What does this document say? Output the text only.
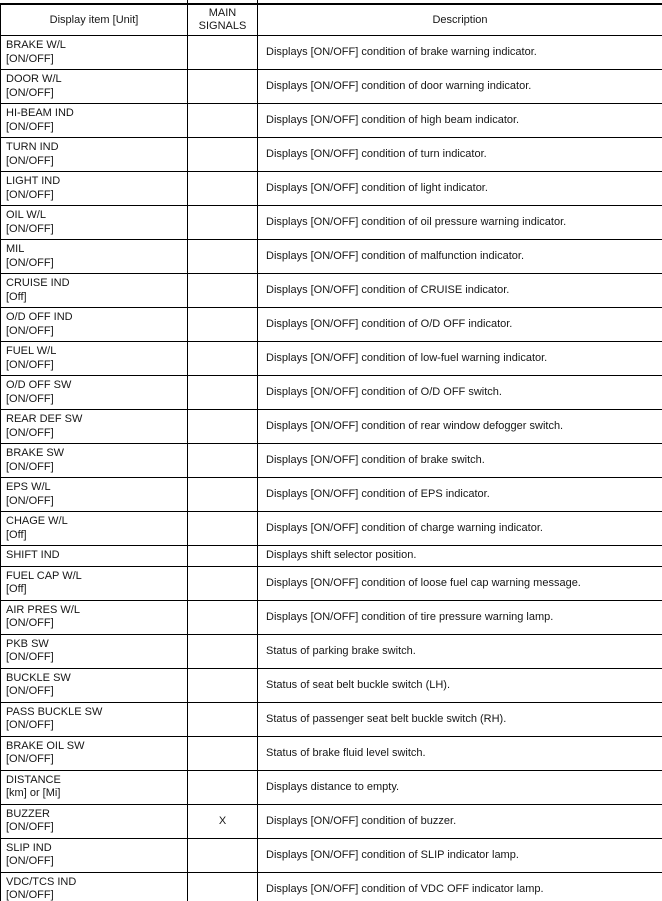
Display item [Unit]	MAIN SIGNALS	Description
BRAKE W/L
[ON/OFF]		Displays [ON/OFF] condition of brake warning indicator.
DOOR W/L
[ON/OFF]		Displays [ON/OFF] condition of door warning indicator.
HI-BEAM IND
[ON/OFF]		Displays [ON/OFF] condition of high beam indicator.
TURN IND
[ON/OFF]		Displays [ON/OFF] condition of turn indicator.
LIGHT IND
[ON/OFF]		Displays [ON/OFF] condition of light indicator.
OIL W/L
[ON/OFF]		Displays [ON/OFF] condition of oil pressure warning indicator.
MIL
[ON/OFF]		Displays [ON/OFF] condition of malfunction indicator.
CRUISE IND
[Off]		Displays [ON/OFF] condition of CRUISE indicator.
O/D OFF IND
[ON/OFF]		Displays [ON/OFF] condition of O/D OFF indicator.
FUEL W/L
[ON/OFF]		Displays [ON/OFF] condition of low-fuel warning indicator.
O/D OFF SW
[ON/OFF]		Displays [ON/OFF] condition of O/D OFF switch.
REAR DEF SW
[ON/OFF]		Displays [ON/OFF] condition of rear window defogger switch.
BRAKE SW
[ON/OFF]		Displays [ON/OFF] condition of brake switch.
EPS W/L
[ON/OFF]		Displays [ON/OFF] condition of EPS indicator.
CHAGE W/L
[Off]		Displays [ON/OFF] condition of charge warning indicator.
SHIFT IND		Displays shift selector position.
FUEL CAP W/L
[Off]		Displays [ON/OFF] condition of loose fuel cap warning message.
AIR PRES W/L
[ON/OFF]		Displays [ON/OFF] condition of tire pressure warning lamp.
PKB SW
[ON/OFF]		Status of parking brake switch.
BUCKLE SW
[ON/OFF]		Status of seat belt buckle switch (LH).
PASS BUCKLE SW
[ON/OFF]		Status of passenger seat belt buckle switch (RH).
BRAKE OIL SW
[ON/OFF]		Status of brake fluid level switch.
DISTANCE
[km] or [Mi]		Displays distance to empty.
BUZZER
[ON/OFF]	X	Displays [ON/OFF] condition of buzzer.
SLIP IND
[ON/OFF]		Displays [ON/OFF] condition of SLIP indicator lamp.
VDC/TCS IND
[ON/OFF]		Displays [ON/OFF] condition of VDC OFF indicator lamp.
